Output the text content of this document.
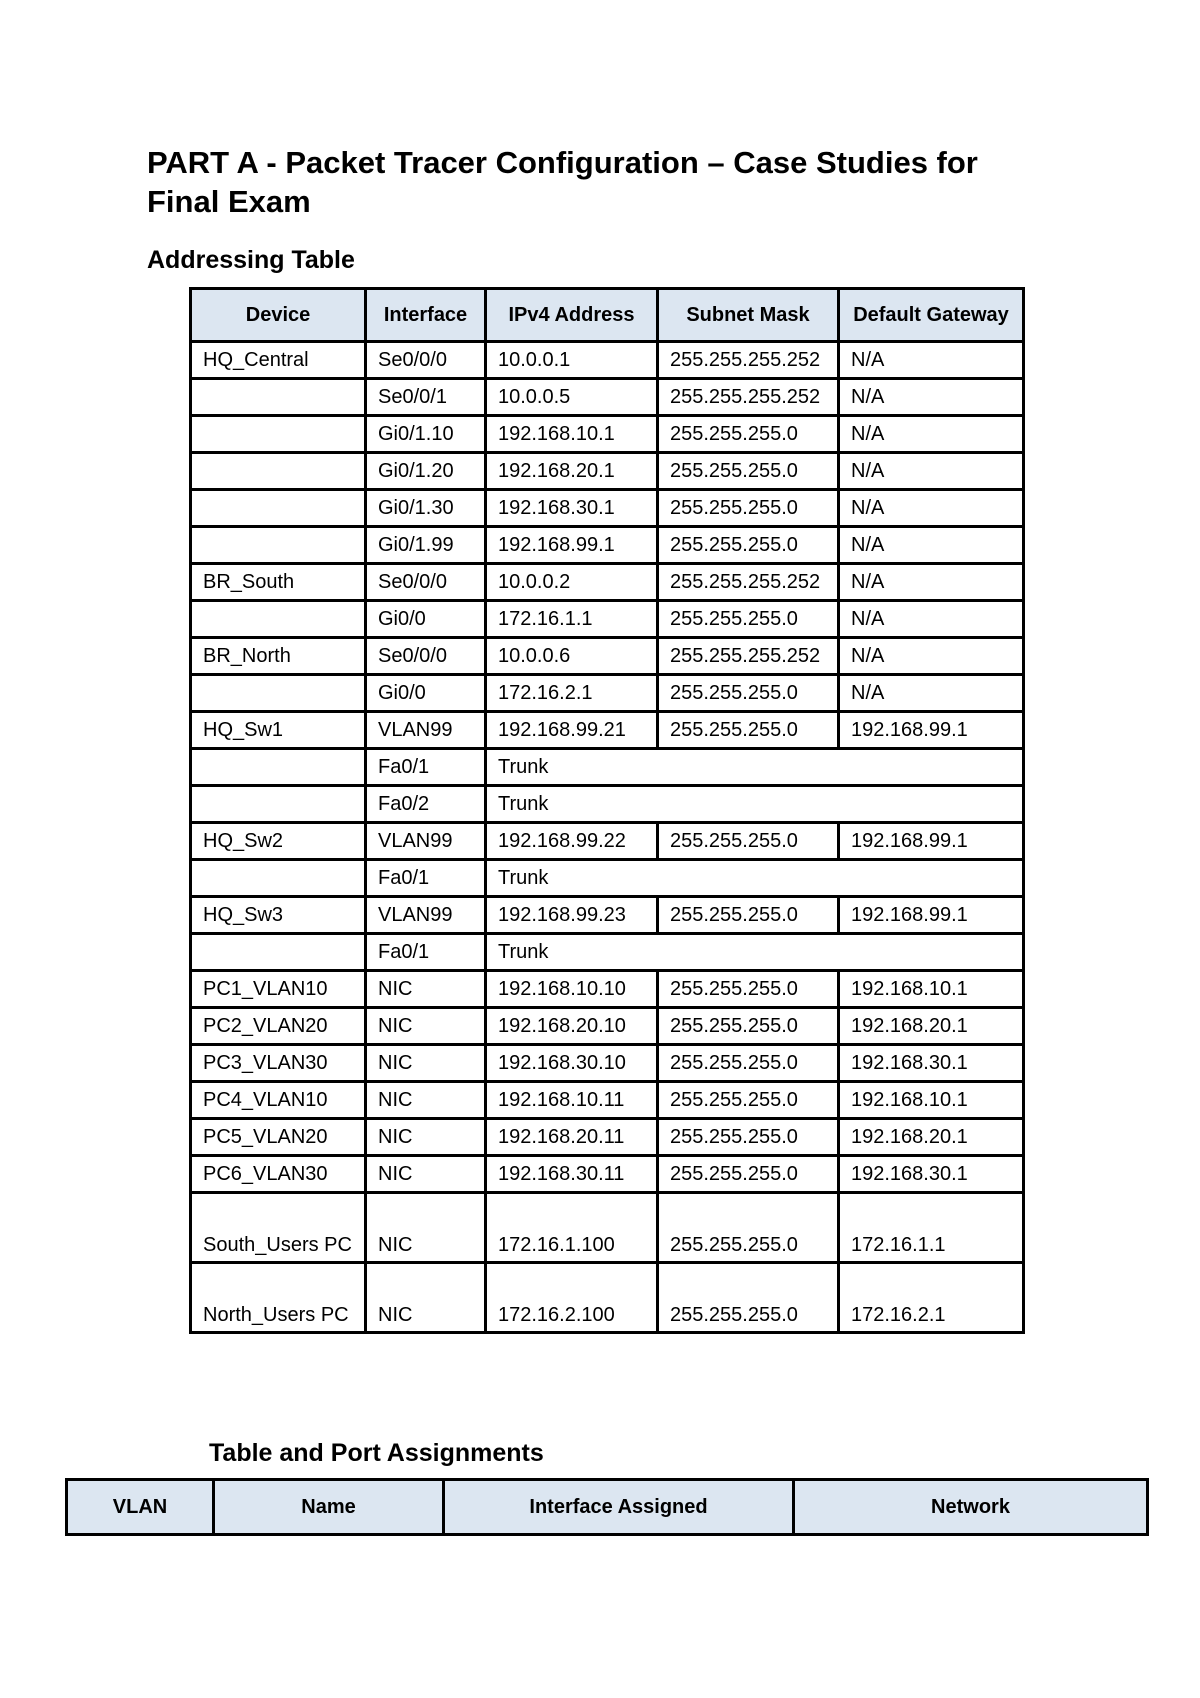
PART A - Packet Tracer Configuration – Case Studies for Final Exam
Addressing Table
Device	Interface	IPv4 Address	Subnet Mask	Default Gateway
HQ_Central	Se0/0/0	10.0.0.1	255.255.255.252	N/A
	Se0/0/1	10.0.0.5	255.255.255.252	N/A
	Gi0/1.10	192.168.10.1	255.255.255.0	N/A
	Gi0/1.20	192.168.20.1	255.255.255.0	N/A
	Gi0/1.30	192.168.30.1	255.255.255.0	N/A
	Gi0/1.99	192.168.99.1	255.255.255.0	N/A
BR_South	Se0/0/0	10.0.0.2	255.255.255.252	N/A
	Gi0/0	172.16.1.1	255.255.255.0	N/A
BR_North	Se0/0/0	10.0.0.6	255.255.255.252	N/A
	Gi0/0	172.16.2.1	255.255.255.0	N/A
HQ_Sw1	VLAN99	192.168.99.21	255.255.255.0	192.168.99.1
	Fa0/1	Trunk		
	Fa0/2	Trunk		
HQ_Sw2	VLAN99	192.168.99.22	255.255.255.0	192.168.99.1
	Fa0/1	Trunk		
HQ_Sw3	VLAN99	192.168.99.23	255.255.255.0	192.168.99.1
	Fa0/1	Trunk		
PC1_VLAN10	NIC	192.168.10.10	255.255.255.0	192.168.10.1
PC2_VLAN20	NIC	192.168.20.10	255.255.255.0	192.168.20.1
PC3_VLAN30	NIC	192.168.30.10	255.255.255.0	192.168.30.1
PC4_VLAN10	NIC	192.168.10.11	255.255.255.0	192.168.10.1
PC5_VLAN20	NIC	192.168.20.11	255.255.255.0	192.168.20.1
PC6_VLAN30	NIC	192.168.30.11	255.255.255.0	192.168.30.1
South_Users PC	NIC	172.16.1.100	255.255.255.0	172.16.1.1
North_Users PC	NIC	172.16.2.100	255.255.255.0	172.16.2.1
Table and Port Assignments
VLAN	Name	Interface Assigned	Network
